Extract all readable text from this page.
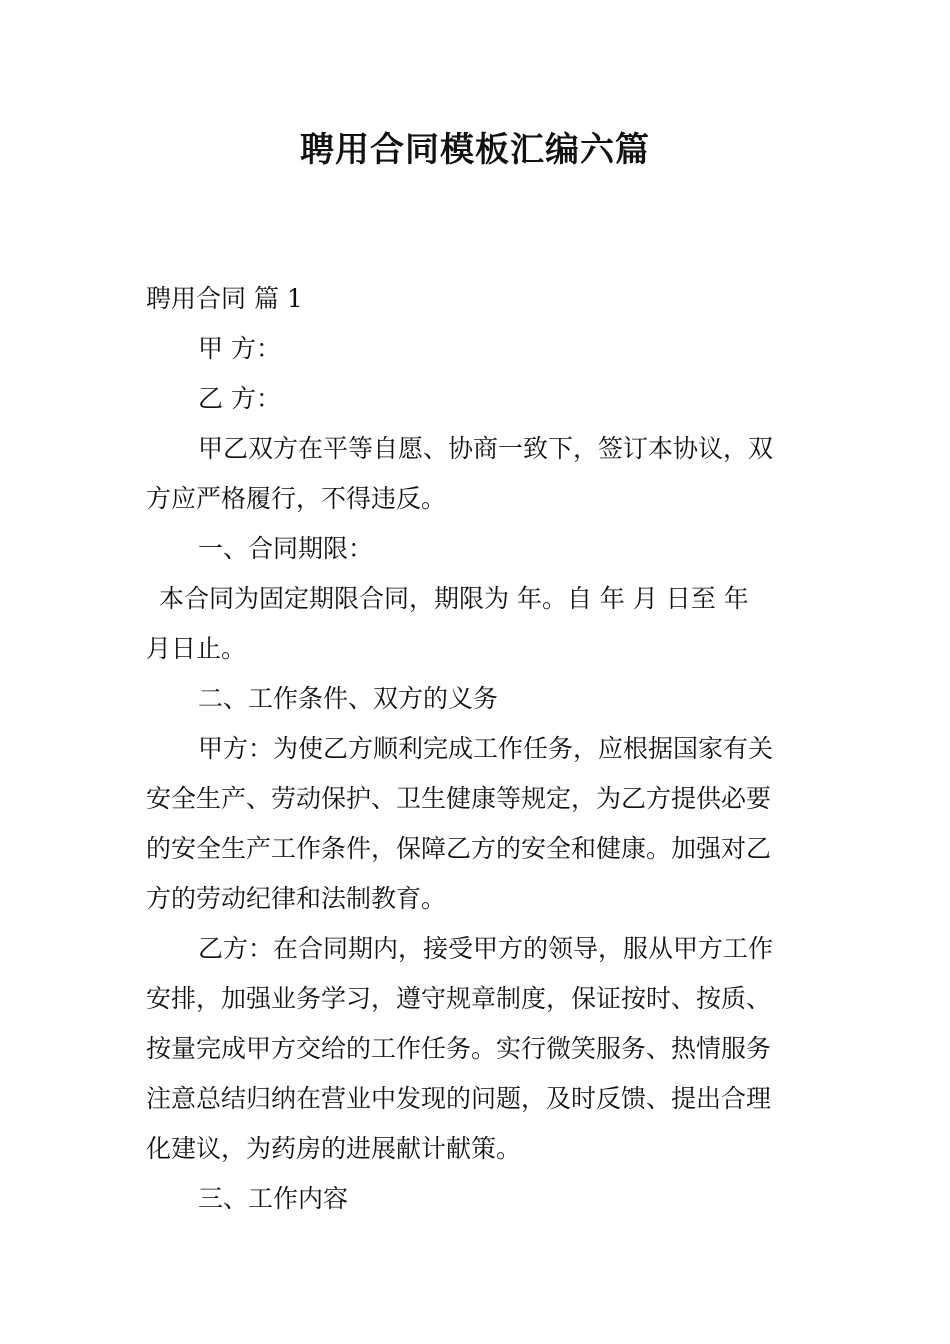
聘用合同模板汇编六篇
聘用合同 篇 1
甲 方：
乙 方：
甲乙双方在平等自愿、协商一致下，签订本协议，双
方应严格履行，不得违反。
一、合同期限：
本合同为固定期限合同，期限为 年。自 年 月 日至 年
月日止。
二、工作条件、双方的义务
甲方：为使乙方顺利完成工作任务，应根据国家有关
安全生产、劳动保护、卫生健康等规定，为乙方提供必要
的安全生产工作条件，保障乙方的安全和健康。加强对乙
方的劳动纪律和法制教育。
乙方：在合同期内，接受甲方的领导，服从甲方工作
安排，加强业务学习，遵守规章制度，保证按时、按质、
按量完成甲方交给的工作任务。实行微笑服务、热情服务
注意总结归纳在营业中发现的问题，及时反馈、提出合理
化建议，为药房的进展献计献策。
三、工作内容
